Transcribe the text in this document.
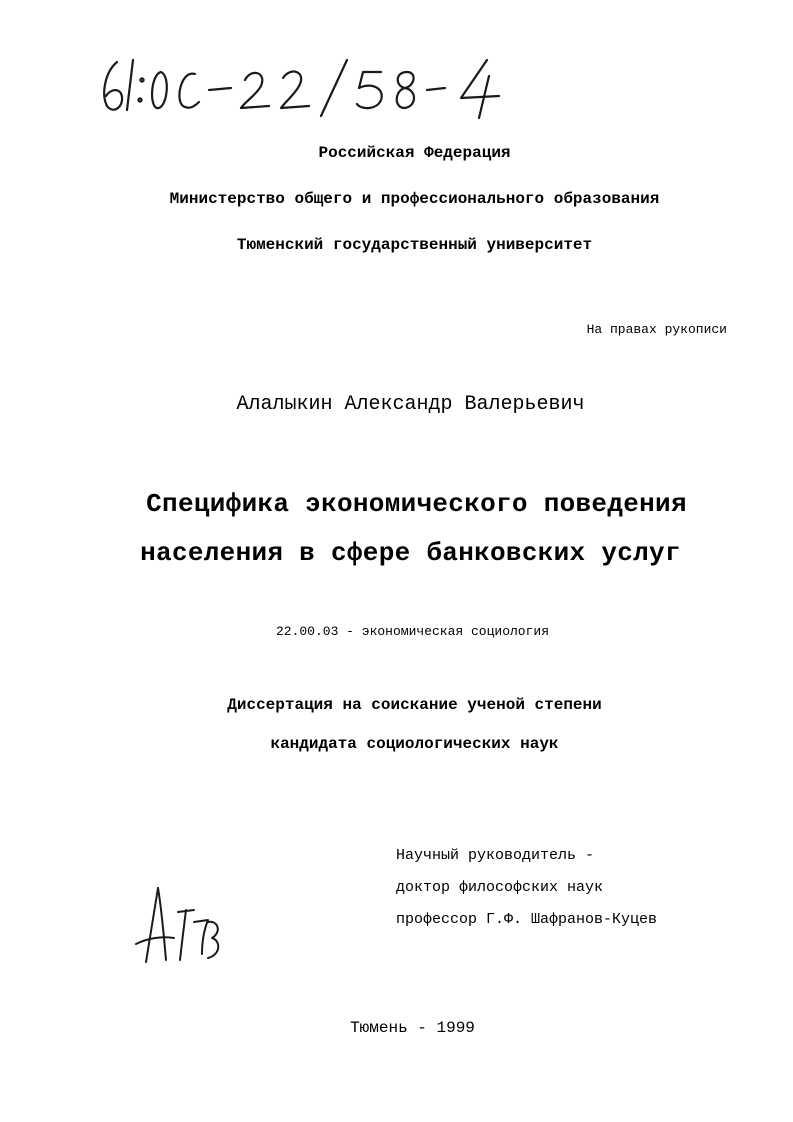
Российская Федерация
Министерство общего и профессионального образования
Тюменский государственный университет
На правах рукописи
Алалыкин Александр Валерьевич
Специфика экономического поведения
населения в сфере банковских услуг
22.00.03 - экономическая социология
Диссертация на соискание ученой степени
кандидата социологических наук
Научный руководитель -
доктор философских наук
профессор Г.Ф. Шафранов-Куцев
Тюмень - 1999
